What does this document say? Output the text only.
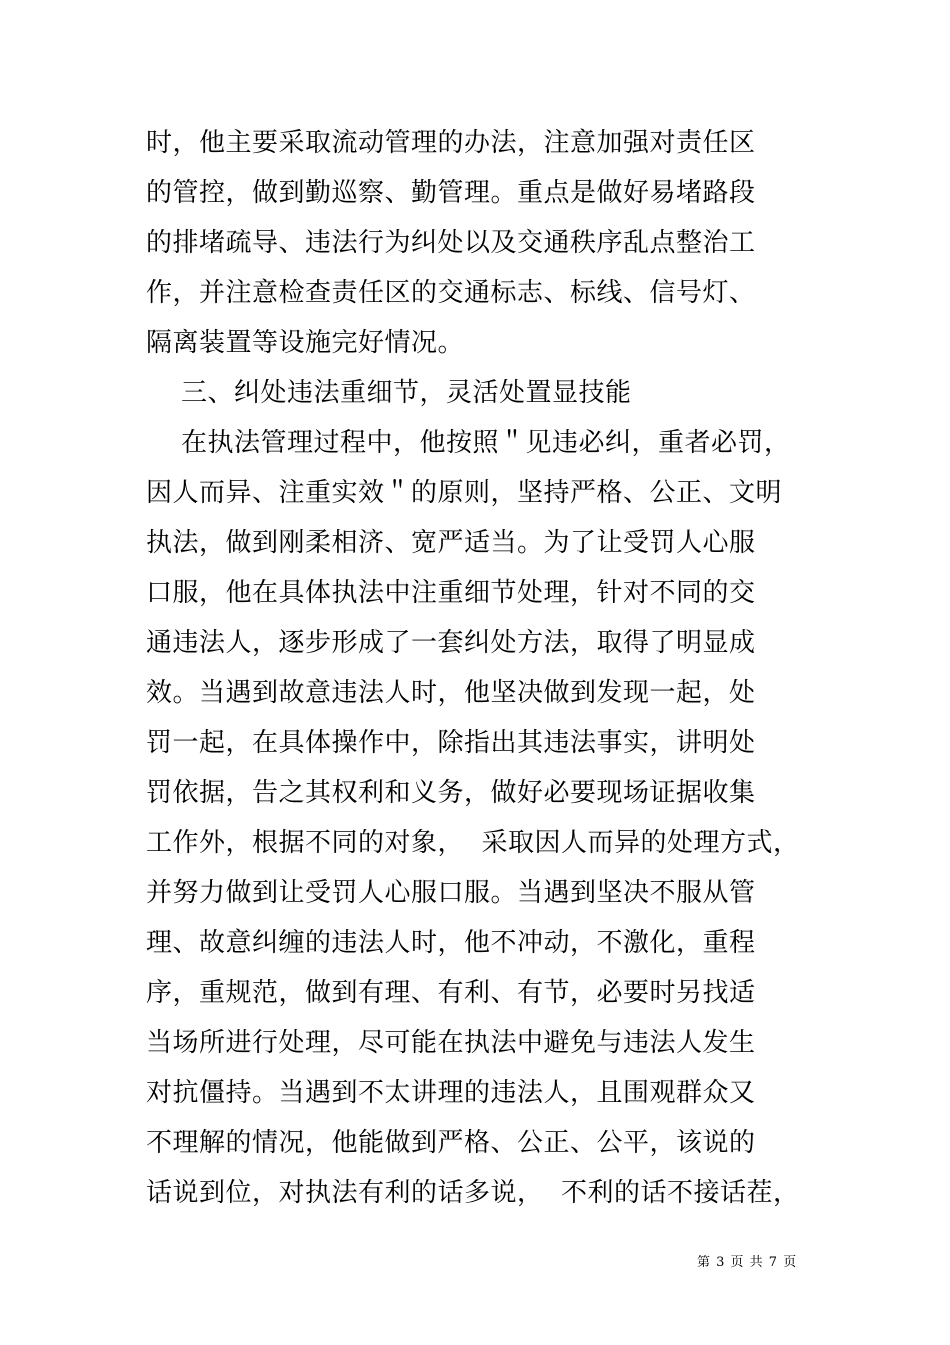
时，他主要采取流动管理的办法，注意加强对责任区
的管控，做到勤巡察、勤管理。重点是做好易堵路段
的排堵疏导、违法行为纠处以及交通秩序乱点整治工
作，并注意检查责任区的交通标志、标线、信号灯、
隔离装置等设施完好情况。
三、纠处违法重细节，灵活处置显技能
在执法管理过程中，他按照＂见违必纠，重者必罚，
因人而异、注重实效＂的原则，坚持严格、公正、文明
执法，做到刚柔相济、宽严适当。为了让受罚人心服
口服，他在具体执法中注重细节处理，针对不同的交
通违法人，逐步形成了一套纠处方法，取得了明显成
效。当遇到故意违法人时，他坚决做到发现一起，处
罚一起，在具体操作中，除指出其违法事实，讲明处
罚依据，告之其权利和义务，做好必要现场证据收集
工作外，根据不同的对象，  采取因人而异的处理方式，
并努力做到让受罚人心服口服。当遇到坚决不服从管
理、故意纠缠的违法人时，他不冲动，不激化，重程
序，重规范，做到有理、有利、有节，必要时另找适
当场所进行处理，尽可能在执法中避免与违法人发生
对抗僵持。当遇到不太讲理的违法人，且围观群众又
不理解的情况，他能做到严格、公正、公平，该说的
话说到位，对执法有利的话多说，  不利的话不接话茬，
第 3 页 共 7 页
